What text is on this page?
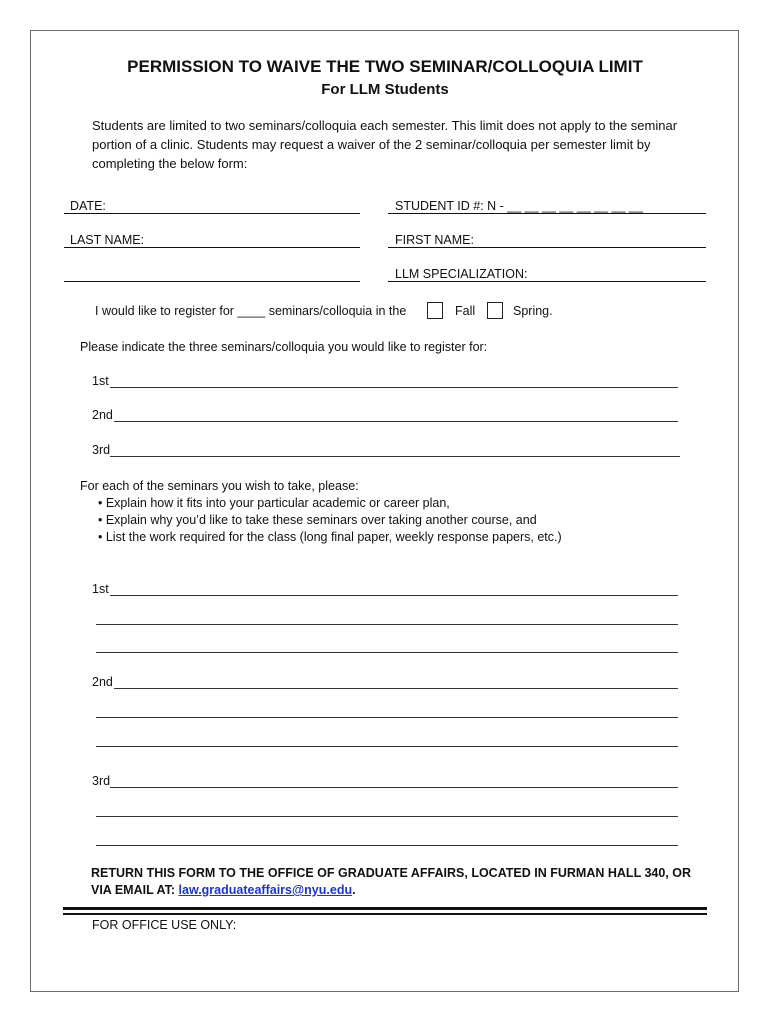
PERMISSION TO WAIVE THE TWO SEMINAR/COLLOQUIA LIMIT
For LLM Students
Students are limited to two seminars/colloquia each semester. This limit does not apply to the seminar portion of a clinic. Students may request a waiver of the 2 seminar/colloquia per semester limit by completing the below form:
DATE:	STUDENT ID #: N - __ __ __ __ __ __ __ __
LAST NAME:	FIRST NAME:
LLM SPECIALIZATION:
I would like to register for ____ seminars/colloquia in the	Fall	Spring.
Please indicate the three seminars/colloquia you would like to register for:
1st
2nd
3rd
For each of the seminars you wish to take, please:
• Explain how it fits into your particular academic or career plan,
• Explain why you’d like to take these seminars over taking another course, and
• List the work required for the class (long final paper, weekly response papers, etc.)
1st
2nd
3rd
RETURN THIS FORM TO THE OFFICE OF GRADUATE AFFAIRS, LOCATED IN FURMAN HALL 340, OR VIA EMAIL AT: law.graduateaffairs@nyu.edu.
FOR OFFICE USE ONLY:
